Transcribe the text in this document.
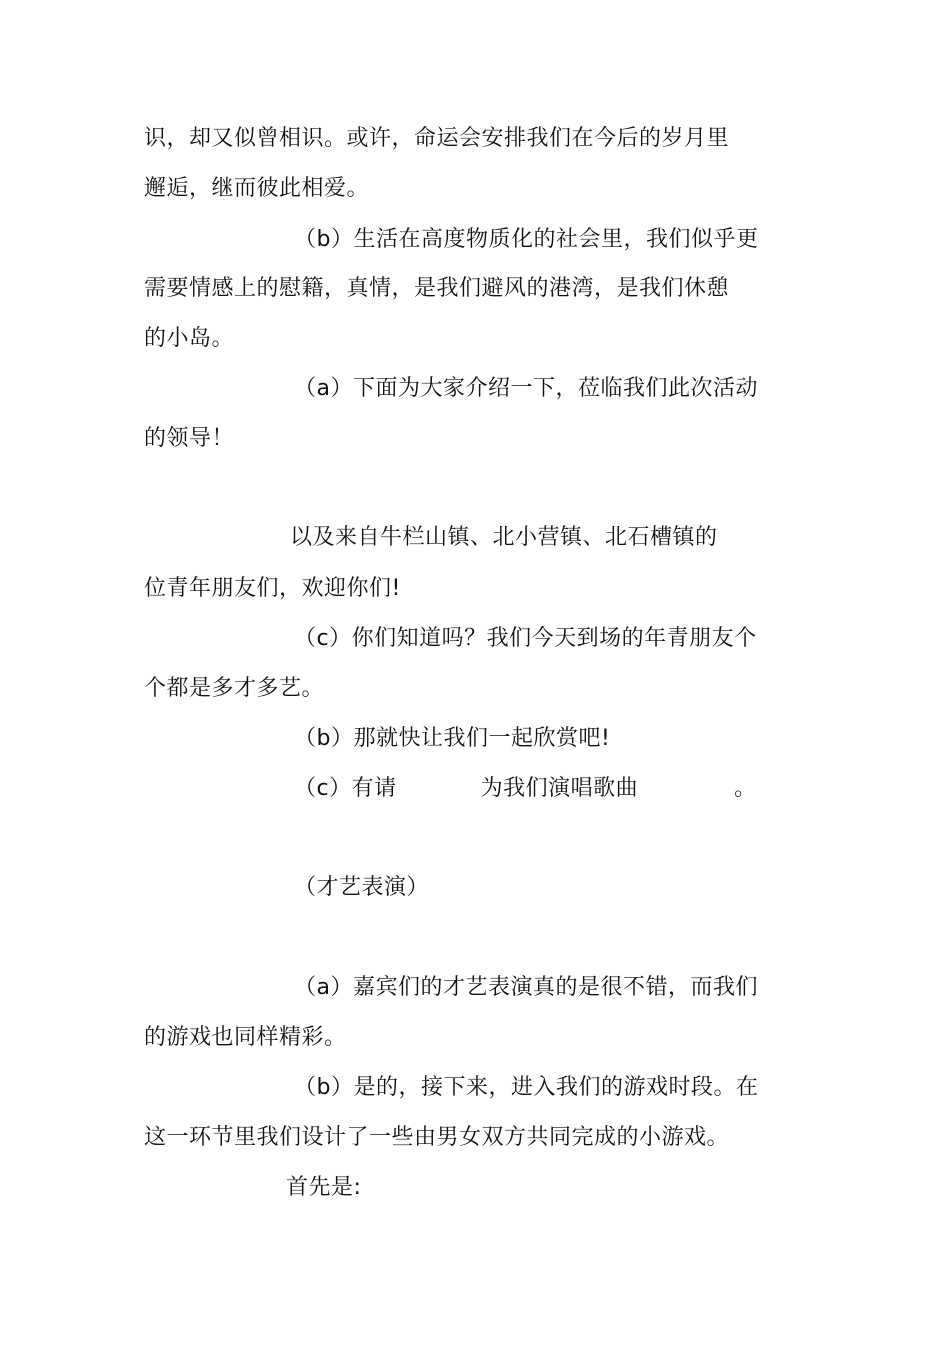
识，却又似曾相识。或许，命运会安排我们在今后的岁月里
邂逅，继而彼此相爱。
（b）生活在高度物质化的社会里，我们似乎更
需要情感上的慰籍，真情，是我们避风的港湾，是我们休憩
的小岛。
（a）下面为大家介绍一下，莅临我们此次活动
的领导！
以及来自牛栏山镇、北小营镇、北石槽镇的
位青年朋友们，欢迎你们!
（c）你们知道吗？我们今天到场的年青朋友个
个都是多才多艺。
（b）那就快让我们一起欣赏吧!
（c）有请	为我们演唱歌曲	。
（才艺表演）
（a）嘉宾们的才艺表演真的是很不错，而我们
的游戏也同样精彩。
（b）是的，接下来，进入我们的游戏时段。在
这一环节里我们设计了一些由男女双方共同完成的小游戏。
首先是:
